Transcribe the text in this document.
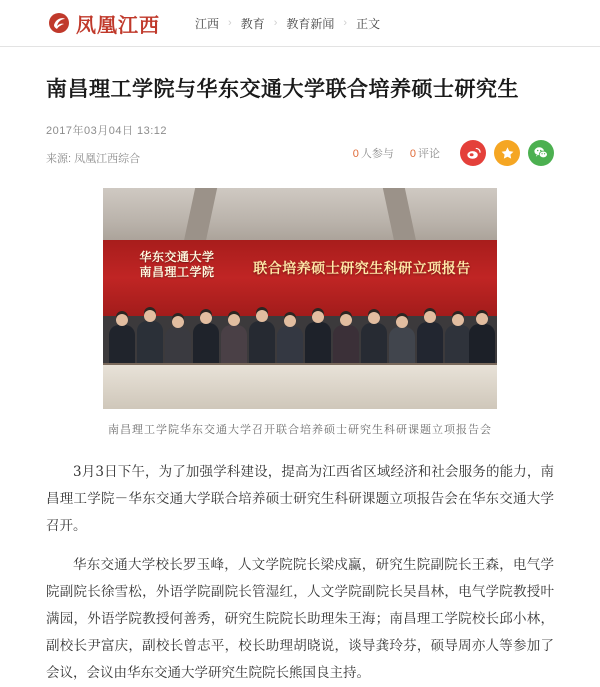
凤凰江西	江西 › 教育 › 教育新闻 › 正文
南昌理工学院与华东交通大学联合培养硕士研究生
2017年03月04日 13:12
来源: 凤凰江西综合	0 人参与 0 评论
华东交通大学
南昌理工学院	联合培养硕士研究生科研立项报告
南昌理工学院华东交通大学召开联合培养硕士研究生科研课题立项报告会

3月3日下午，为了加强学科建设，提高为江西省区域经济和社会服务的能力，南昌理工学院－华东交通大学联合培养硕士研究生科研课题立项报告会在华东交通大学召开。

华东交通大学校长罗玉峰，人文学院院长梁戍赢，研究生院副院长王森，电气学院副院长徐雪松，外语学院副院长管湿红，人文学院副院长吴昌林，电气学院教授叶满园，外语学院教授何善秀，研究生院院长助理朱王海；南昌理工学院校长邱小林，副校长尹富庆，副校长曾志平，校长助理胡晓说，谈导龚玲芬，硕导周亦人等参加了会议，会议由华东交通大学研究生院院长熊国良主持。
